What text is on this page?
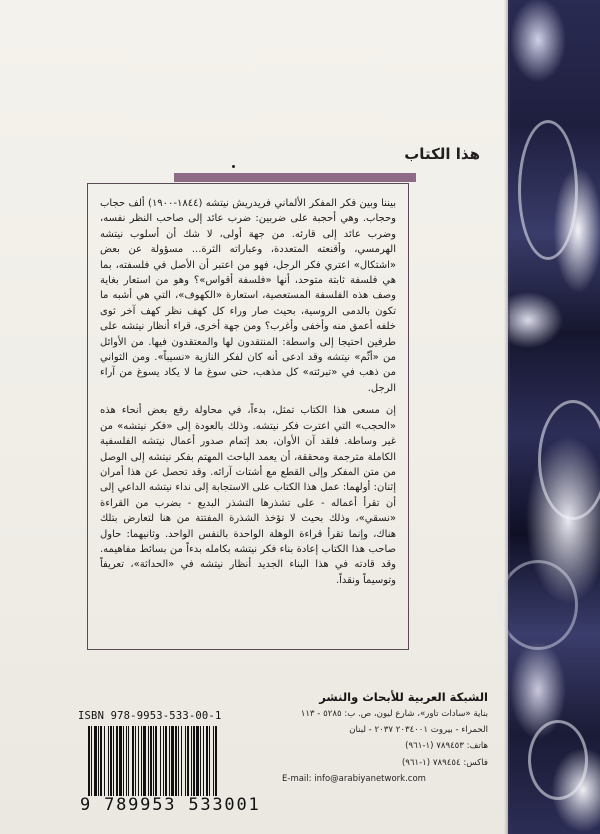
هذا الكتاب

بيننا وبين فكر المفكر الألماني فريدريش نيتشه (١٨٤٤-١٩٠٠) ألف حجاب وحجاب. وهي أحجبة على ضربين: ضرب عائد إلى صاحب النظر نفسه، وضرب عائد إلى قارئه. من جهة أولى، لا شك أن أسلوب نيتشه الهرمسي، وأقنعته المتعددة، وعباراته الثرة... مسؤولة عن بعض «اشتكال» اعتري فكر الرجل، فهو من اعتبر أن الأصل في فلسفته، بما هي فلسفة ثابتة متوحد، أنها «فلسفة أقواس»؟ وهو من استعار بغاية وصف هذه الفلسفة المستعصية، استعارة «الكهوف»، التي هي أشبه ما تكون بالدمى الروسية، بحيث صار وراء كل كهف نظر كهف آخر ثوى خلفه أعمق منه وأخفى وأغرب؟ ومن جهة أخرى، قراء أنظار نيتشه على طرفين احتيجا إلى واسطة: المنتقدون لها والمعتقدون فيها. من الأوائل من «أثّم» نيتشه وقد ادعى أنه كان لفكر النازية «نسيباً». ومن الثواني من ذهب في «تبرئته» كل مذهب، حتى سوغ ما لا يكاد يسوغ من آراء الرجل.

إن مسعى هذا الكتاب تمثل، بدءاً، في محاولة رفع بعض أنحاء هذه «الحجب» التي اعترت فكر نيتشه. وذلك بالعودة إلى «فكر نيتشه» من غير وساطة. فلقد آن الأوان، بعد إتمام صدور أعمال نيتشه الفلسفية الكاملة مترجمة ومحققة، أن يعمد الباحث المهتم بفكر نيتشه إلى الوصل من متن المفكر وإلى القطع مع أشتات آرائه. وقد تحصل عن هذا أمران إثنان: أولهما: عمل هذا الكتاب على الاستجابة إلى نداء نيتشه الداعي إلى أن تقرأ أعماله - على تشذرها التشذر البديع - بضرب من القراءة «نسقي»، وذلك بحيث لا تؤخذ الشذرة المفتتة من هنا لتعارض بتلك هناك، وإنما تقرأ قراءة الوهلة الواحدة بالنفس الواحد. وثانيهما: حاول صاحب هذا الكتاب إعادة بناء فكر نيتشه بكامله بدءاً من بسائط مفاهيمه. وقد قادته في هذا البناء الجديد أنظار نيتشه في «الحداثة»، تعريفاً وتوسيماً ونقداً.

ISBN 978-9953-533-00-1
9 789953 533001
الشبكة العربية للأبحاث والنشر
بناية «سادات تاور»، شارع ليون، ص. ب: ٥٢٨٥ - ١١٣
الحمراء - بيروت ٢٠٣٤٠٠١ ٢٠٣٧ - لبنان
هاتف: ٧٨٩٤٥٣ (١-٩٦١)
فاكس: ٧٨٩٤٥٤ (١-٩٦١)
E-mail: info@arabiyanetwork.com
